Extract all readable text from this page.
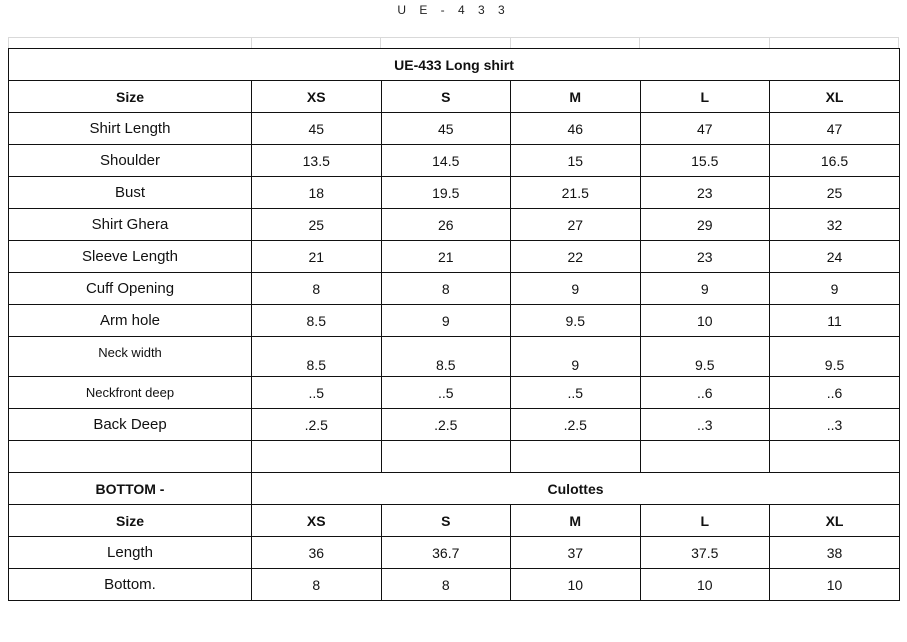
U E - 4 3 3
UE-433 Long shirt					
Size	XS	S	M	L	XL
Shirt Length	45	45	46	47	47
Shoulder	13.5	14.5	15	15.5	16.5
Bust	18	19.5	21.5	23	25
Shirt Ghera	25	26	27	29	32
Sleeve Length	21	21	22	23	24
Cuff Opening	8	8	9	9	9
Arm hole	8.5	9	9.5	10	11
Neck width	8.5	8.5	9	9.5	9.5
Neckfront deep	..5	..5	..5	..6	..6
Back Deep	.2.5	.2.5	.2.5	..3	..3

BOTTOM -	Culottes				
Size	XS	S	M	L	XL
Length	36	36.7	37	37.5	38
Bottom.	8	8	10	10	10
